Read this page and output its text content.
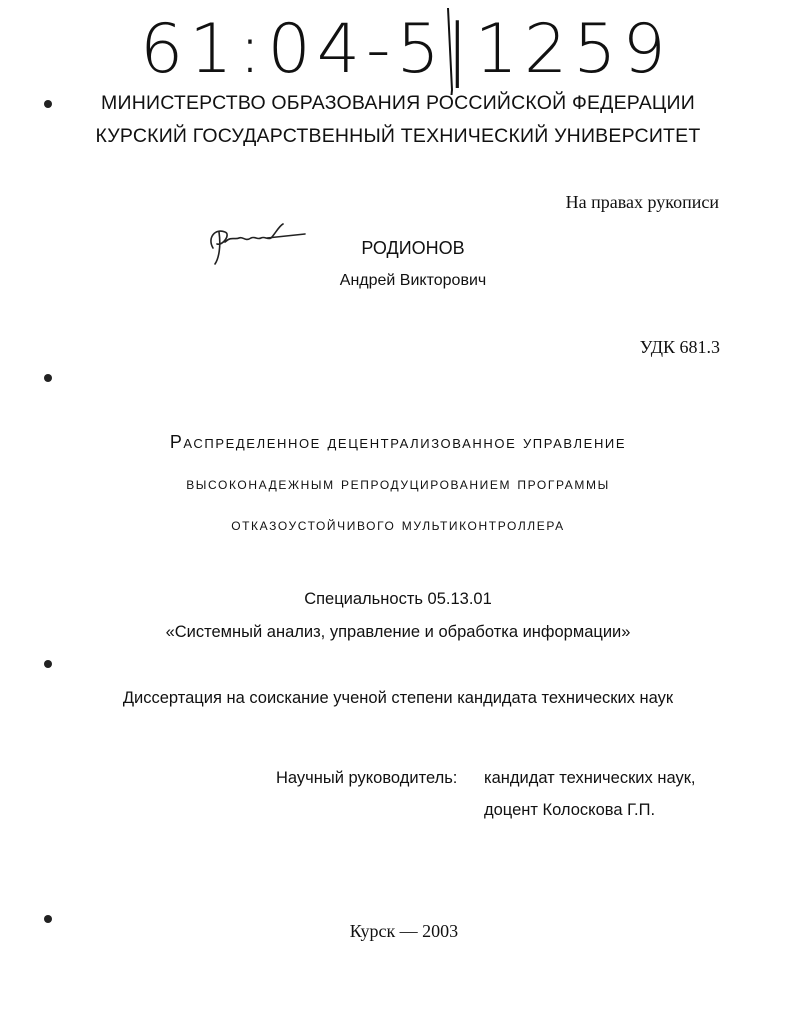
61:04-5|1259
МИНИСТЕРСТВО ОБРАЗОВАНИЯ РОССИЙСКОЙ ФЕДЕРАЦИИ
КУРСКИЙ ГОСУДАРСТВЕННЫЙ ТЕХНИЧЕСКИЙ УНИВЕРСИТЕТ
На правах рукописи
РОДИОНОВ
Андрей Викторович
УДК 681.3
Распределенное децентрализованное управление
высоконадежным репродуцированием программы
отказоустойчивого мультиконтроллера
Специальность 05.13.01
«Системный анализ, управление и обработка информации»
Диссертация на соискание ученой степени кандидата технических наук
Научный руководитель: кандидат технических наук,
доцент Колоскова Г.П.
Курск — 2003
